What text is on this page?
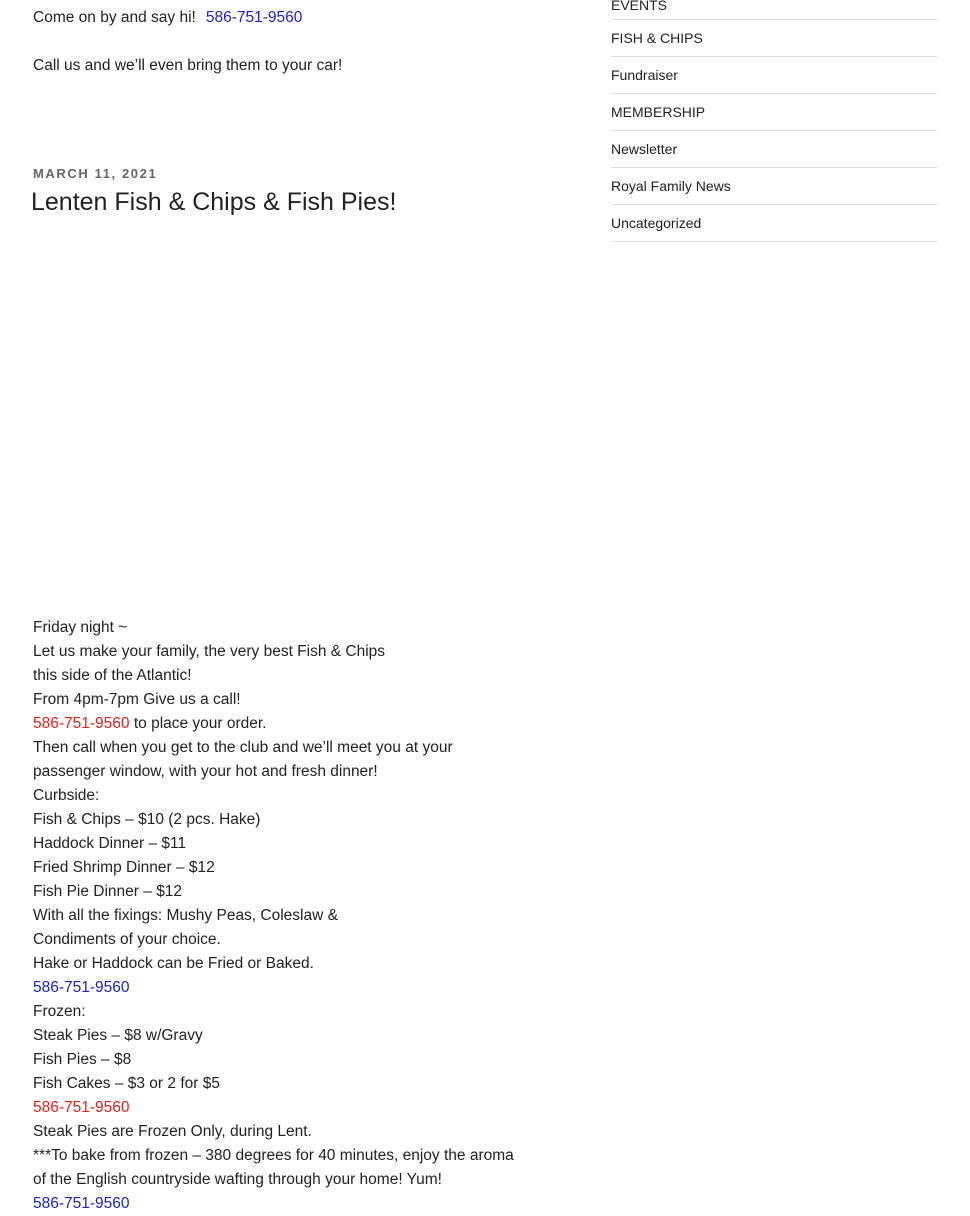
Come on by and say hi! 586-751-9560
Call us and we’ll even bring them to your car!
MARCH 11, 2021
Lenten Fish & Chips & Fish Pies!
Friday night ~
Let us make your family, the very best Fish & Chips
this side of the Atlantic!
From 4pm-7pm Give us a call!
586-751-9560 to place your order.
Then call when you get to the club and we’ll meet you at your
passenger window, with your hot and fresh dinner!
Curbside:
Fish & Chips – $10 (2 pcs. Hake)
Haddock Dinner – $11
Fried Shrimp Dinner – $12
Fish Pie Dinner – $12
With all the fixings: Mushy Peas, Coleslaw &
Condiments of your choice.
Hake or Haddock can be Fried or Baked.
586-751-9560
Frozen:
Steak Pies – $8 w/Gravy
Fish Pies – $8
Fish Cakes – $3 or 2 for $5
586-751-9560
Steak Pies are Frozen Only, during Lent.
***To bake from frozen – 380 degrees for 40 minutes, enjoy the aroma
of the English countryside wafting through your home! Yum!
586-751-9560
EVENTS
FISH & CHIPS
Fundraiser
MEMBERSHIP
Newsletter
Royal Family News
Uncategorized
